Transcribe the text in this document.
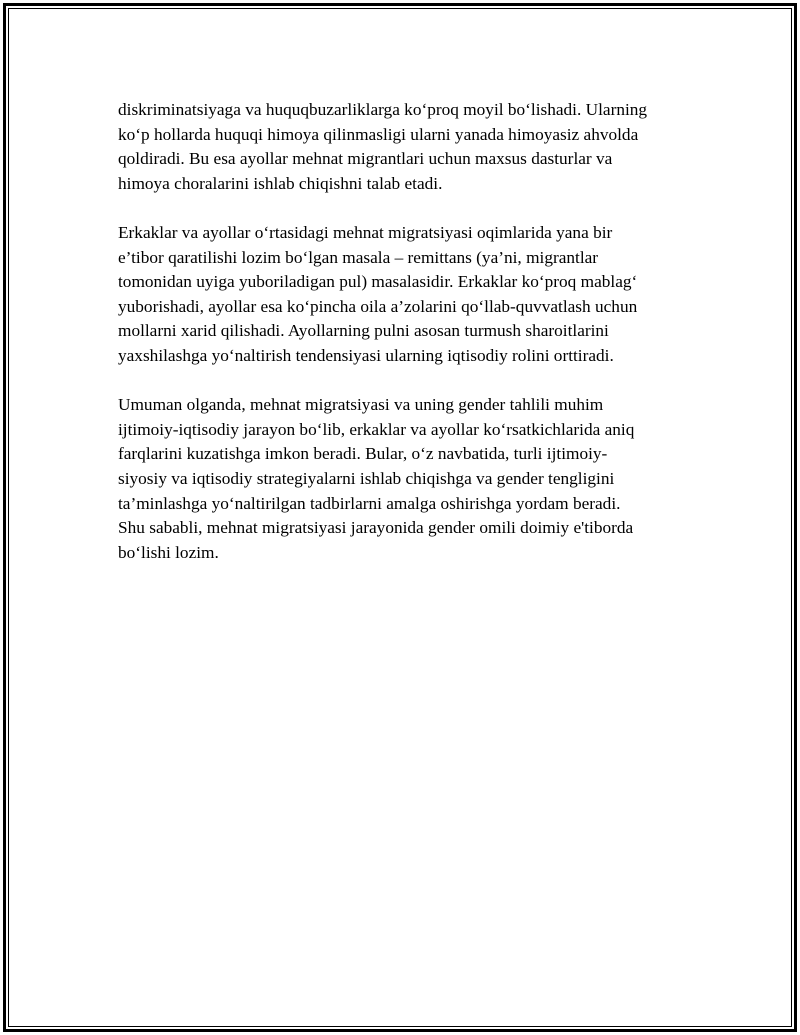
diskriminatsiyaga va huquqbuzarliklarga ko‘proq moyil bo‘lishadi. Ularning
ko‘p hollarda huquqi himoya qilinmasligi ularni yanada himoyasiz ahvolda
qoldiradi. Bu esa ayollar mehnat migrantlari uchun maxsus dasturlar va
himoya choralarini ishlab chiqishni talab etadi.

Erkaklar va ayollar o‘rtasidagi mehnat migratsiyasi oqimlarida yana bir
e’tibor qaratilishi lozim bo‘lgan masala – remittans (ya’ni, migrantlar
tomonidan uyiga yuboriladigan pul) masalasidir. Erkaklar ko‘proq mablag‘
yuborishadi, ayollar esa ko‘pincha oila a’zolarini qo‘llab-quvvatlash uchun
mollarni xarid qilishadi. Ayollarning pulni asosan turmush sharoitlarini
yaxshilashga yo‘naltirish tendensiyasi ularning iqtisodiy rolini orttiradi.

Umuman olganda, mehnat migratsiyasi va uning gender tahlili muhim
ijtimoiy-iqtisodiy jarayon bo‘lib, erkaklar va ayollar ko‘rsatkichlarida aniq
farqlarini kuzatishga imkon beradi. Bular, o‘z navbatida, turli ijtimoiy-
siyosiy va iqtisodiy strategiyalarni ishlab chiqishga va gender tengligini
ta’minlashga yo‘naltirilgan tadbirlarni amalga oshirishga yordam beradi.
Shu sababli, mehnat migratsiyasi jarayonida gender omili doimiy e'tiborda
bo‘lishi lozim.
